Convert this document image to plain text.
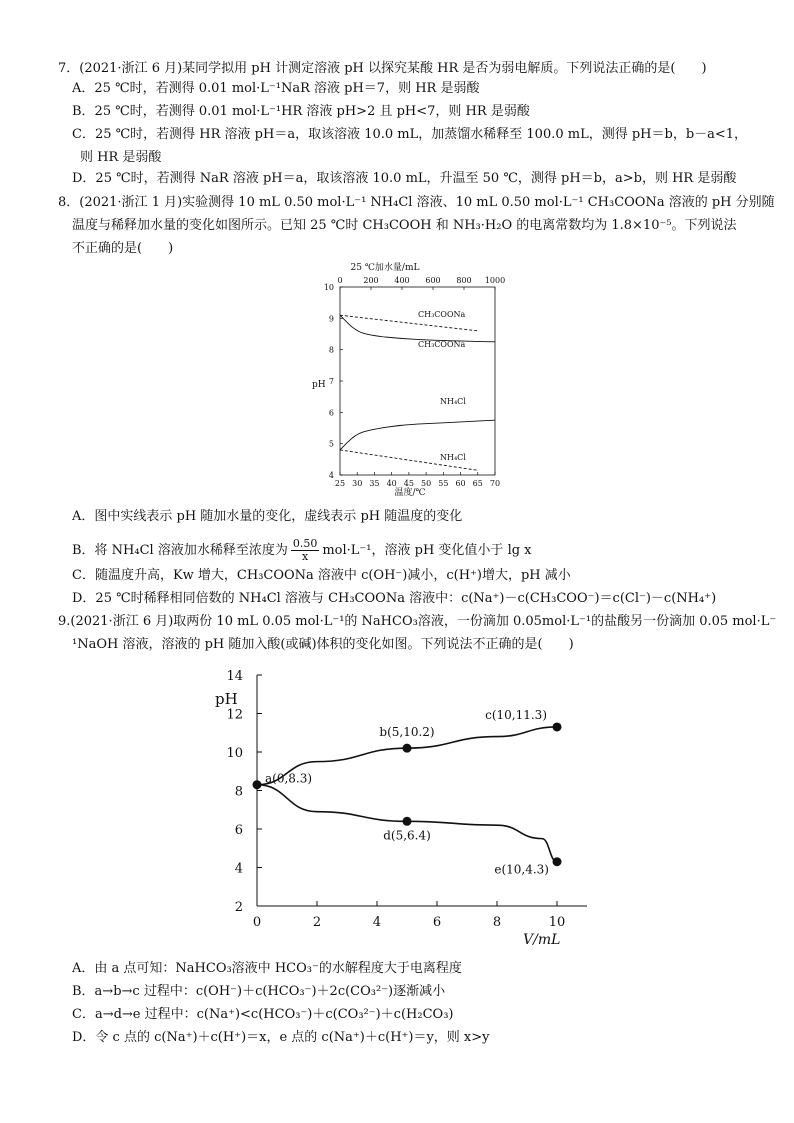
7．(2021·浙江 6 月)某同学拟用 pH 计测定溶液 pH 以探究某酸 HR 是否为弱电解质。下列说法正确的是(　　)
A．25 ℃时，若测得 0.01 mol·L⁻¹NaR 溶液 pH＝7，则 HR 是弱酸
B．25 ℃时，若测得 0.01 mol·L⁻¹HR 溶液 pH>2 且 pH<7，则 HR 是弱酸
C．25 ℃时，若测得 HR 溶液 pH＝a，取该溶液 10.0 mL，加蒸馏水稀释至 100.0 mL，测得 pH＝b，b－a<1，
则 HR 是弱酸
D．25 ℃时，若测得 NaR 溶液 pH＝a，取该溶液 10.0 mL，升温至 50 ℃，测得 pH＝b，a>b，则 HR 是弱酸
8．(2021·浙江 1 月)实验测得 10 mL 0.50 mol·L⁻¹ NH₄Cl 溶液、10 mL 0.50 mol·L⁻¹ CH₃COONa 溶液的 pH 分别随
温度与稀释加水量的变化如图所示。已知 25 ℃时 CH₃COOH 和 NH₃·H₂O 的电离常数均为 1.8×10⁻⁵。下列说法
不正确的是(　　)
25 ℃加水量/mL
0	200 400 600 800 1000
25 30 35 40 45 50 55 60 65 70
4
5
6
7
8
9
10
pH
温度/℃
CH₃COONa
CH₃COONa
NH₄Cl
NH₄Cl
A．图中实线表示 pH 随加水量的变化，虚线表示 pH 随温度的变化
B．将 NH₄Cl 溶液加水稀释至浓度为 $\frac{0.50}{x} mol\cdot L^{-1}$，溶液 pH 变化值小于 lg x
C．随温度升高，Kw 增大，CH₃COONa 溶液中 c(OH⁻)减小，c(H⁺)增大，pH 减小
D．25 ℃时稀释相同倍数的 NH₄Cl 溶液与 CH₃COONa 溶液中：c(Na⁺)－c(CH₃COO⁻)＝c(Cl⁻)－c(NH₄⁺)
9.(2021·浙江 6 月)取两份 10 mL 0.05 mol·L⁻¹的 NaHCO₃溶液，一份滴加 0.05mol·L⁻¹的盐酸另一份滴加 0.05 mol·L⁻
¹NaOH 溶液，溶液的 pH 随加入酸(或碱)体积的变化如图。下列说法不正确的是(　　)
2
4
6
8
10
12
14
0	2	4	6	8	10
pH
V/mL
a(0,8.3)
b(5,10.2)
c(10,11.3)
d(5,6.4)
e(10,4.3)
A．由 a 点可知：NaHCO₃溶液中 HCO₃⁻的水解程度大于电离程度
B．a→b→c 过程中：c(OH⁻)＋c(HCO₃⁻)＋2c(CO₃²⁻)逐渐减小
C．a→d→e 过程中：c(Na⁺)<c(HCO₃⁻)＋c(CO₃²⁻)＋c(H₂CO₃)
D．令 c 点的 c(Na⁺)＋c(H⁺)＝x，e 点的 c(Na⁺)＋c(H⁺)＝y，则 x>y
